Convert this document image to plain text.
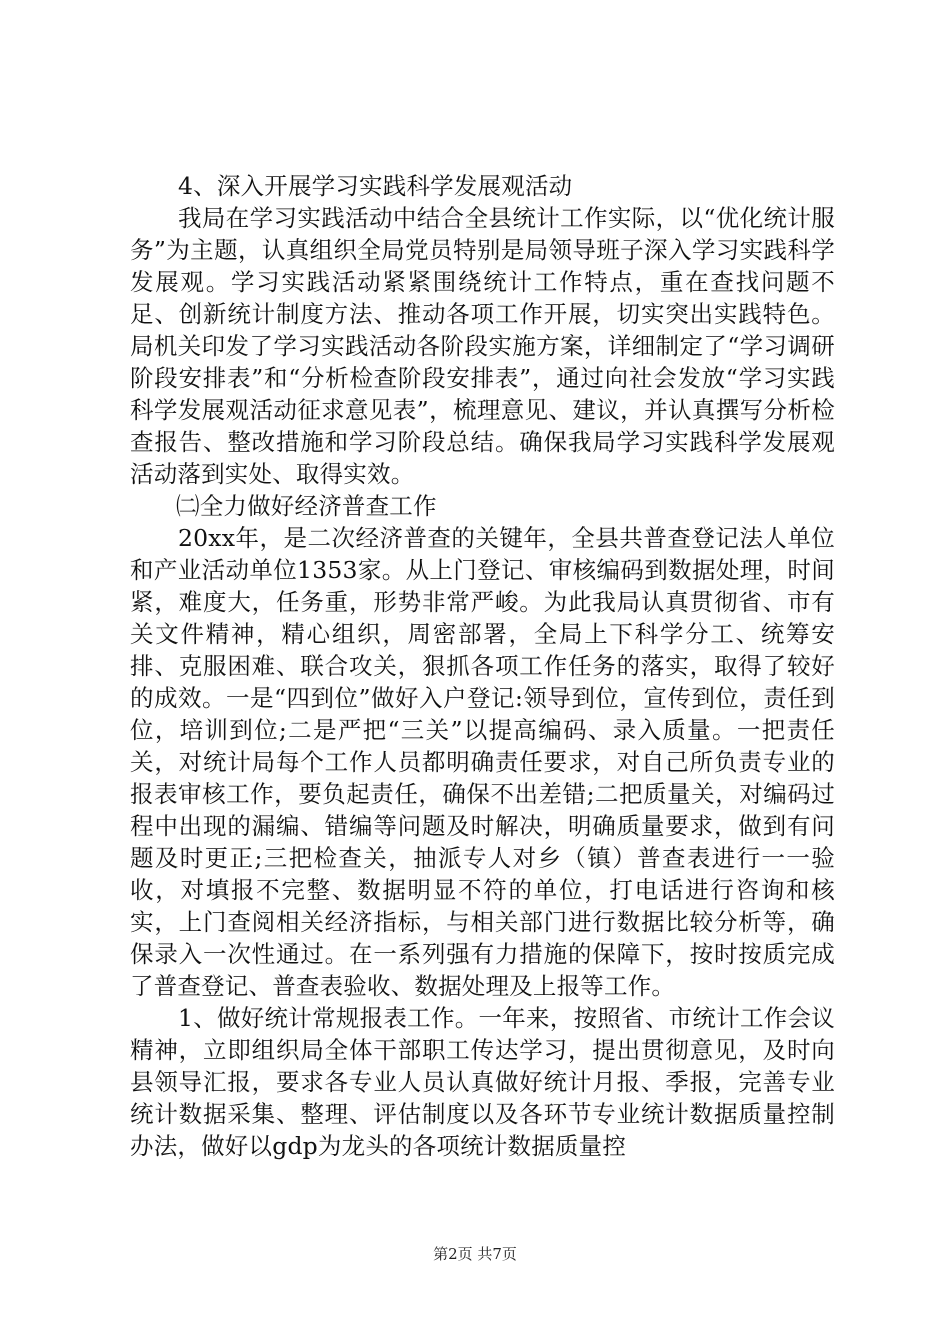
4、深入开展学习实践科学发展观活动

我局在学习实践活动中结合全县统计工作实际，以“优化统计服务”为主题，认真组织全局党员特别是局领导班子深入学习实践科学发展观。学习实践活动紧紧围绕统计工作特点，重在查找问题不足、创新统计制度方法、推动各项工作开展，切实突出实践特色。局机关印发了学习实践活动各阶段实施方案，详细制定了“学习调研阶段安排表”和“分析检查阶段安排表”，通过向社会发放“学习实践科学发展观活动征求意见表”，梳理意见、建议，并认真撰写分析检查报告、整改措施和学习阶段总结。确保我局学习实践科学发展观活动落到实处、取得实效。

㈡全力做好经济普查工作

20xx年，是二次经济普查的关键年，全县共普查登记法人单位和产业活动单位1353家。从上门登记、审核编码到数据处理，时间紧，难度大，任务重，形势非常严峻。为此我局认真贯彻省、市有关文件精神，精心组织，周密部署，全局上下科学分工、统筹安排、克服困难、联合攻关，狠抓各项工作任务的落实，取得了较好的成效。一是“四到位”做好入户登记:领导到位，宣传到位，责任到位，培训到位;二是严把“三关”以提高编码、录入质量。一把责任关，对统计局每个工作人员都明确责任要求，对自己所负责专业的报表审核工作，要负起责任，确保不出差错;二把质量关，对编码过程中出现的漏编、错编等问题及时解决，明确质量要求，做到有问题及时更正;三把检查关，抽派专人对乡（镇）普查表进行一一验收，对填报不完整、数据明显不符的单位，打电话进行咨询和核实，上门查阅相关经济指标，与相关部门进行数据比较分析等，确保录入一次性通过。在一系列强有力措施的保障下，按时按质完成了普查登记、普查表验收、数据处理及上报等工作。

1、做好统计常规报表工作。一年来，按照省、市统计工作会议精神，立即组织局全体干部职工传达学习，提出贯彻意见，及时向县领导汇报，要求各专业人员认真做好统计月报、季报，完善专业统计数据采集、整理、评估制度以及各环节专业统计数据质量控制办法，做好以gdp为龙头的各项统计数据质量控

第2页 共7页
